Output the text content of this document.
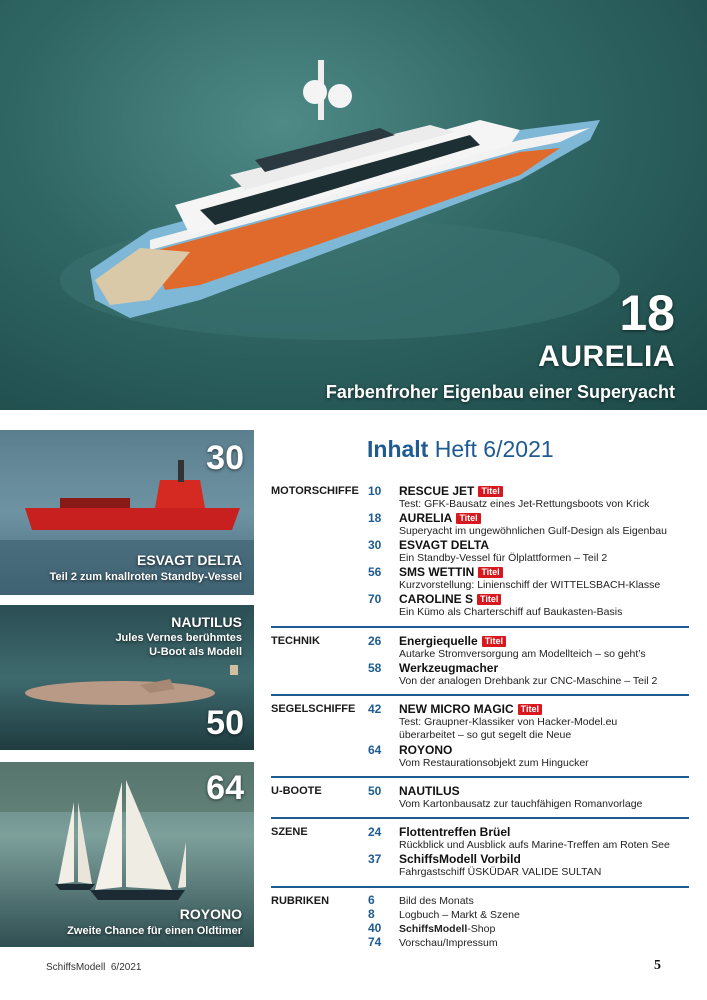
18
AURELIA
Farbenfroher Eigenbau einer Superyacht
30
ESVAGT DELTA
Teil 2 zum knallroten Standby-Vessel
NAUTILUS
Jules Vernes berühmtes
U-Boot als Modell
50
64
ROYONO
Zweite Chance für einen Oldtimer
Inhalt Heft 6/2021
MOTORSCHIFFE 10	RESCUE JET Titel
Test: GFK-Bausatz eines Jet-Rettungsboots von Krick
18	AURELIA Titel
Superyacht im ungewöhnlichen Gulf-Design als Eigenbau
30	ESVAGT DELTA
Ein Standby-Vessel für Ölplattformen – Teil 2
56	SMS WETTIN Titel
Kurzvorstellung: Linienschiff der WITTELSBACH-Klasse
70	CAROLINE S Titel
Ein Kümo als Charterschiff auf Baukasten-Basis
TECHNIK	26	Energiequelle Titel
Autarke Stromversorgung am Modellteich – so geht’s
58	Werkzeugmacher
Von der analogen Drehbank zur CNC-Maschine – Teil 2
SEGELSCHIFFE 42	NEW MICRO MAGIC Titel
Test: Graupner-Klassiker von Hacker-Model.eu
überarbeitet – so gut segelt die Neue
64	ROYONO
Vom Restaurationsobjekt zum Hingucker
U-BOOTE	50	NAUTILUS
Vom Kartonbausatz zur tauchfähigen Romanvorlage
SZENE	24	Flottentreffen Brüel
Rückblick und Ausblick aufs Marine-Treffen am Roten See
37	SchiffsModell Vorbild
Fahrgastschiff ÜSKÜDAR VALIDE SULTAN
RUBRIKEN	6 Bild des Monats
8 Logbuch – Markt & Szene
40 SchiffsModell-Shop
74 Vorschau/Impressum
SchiffsModell 6/2021	5
